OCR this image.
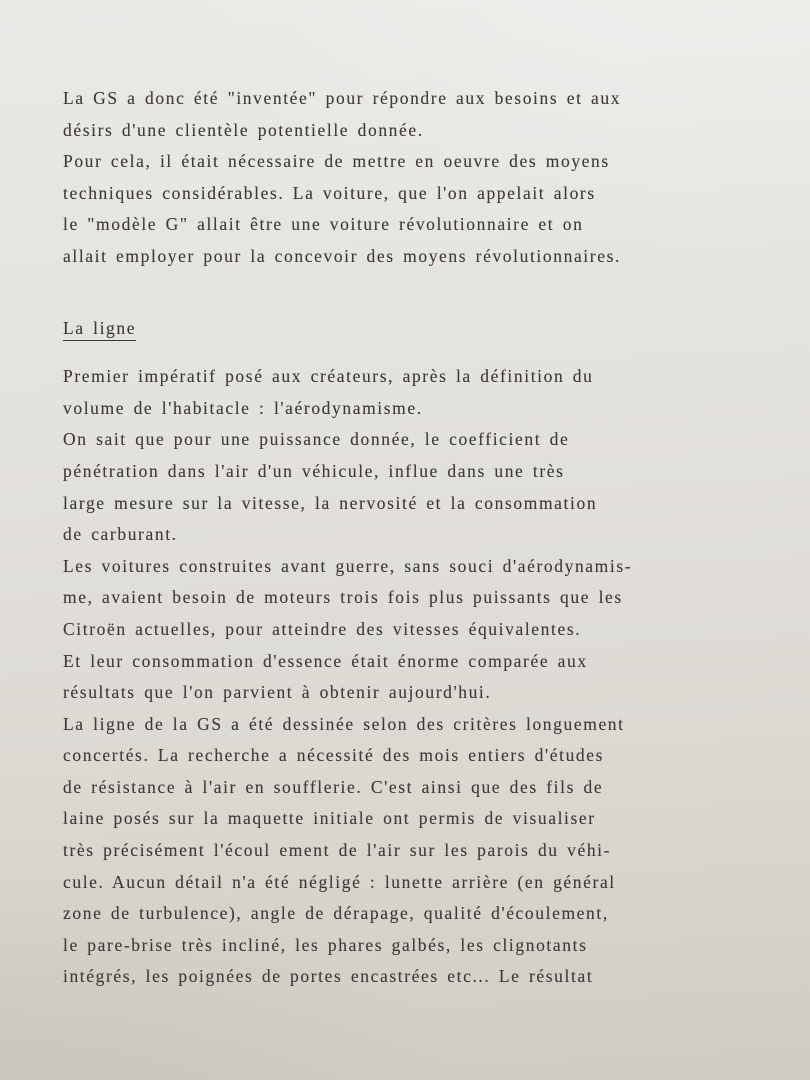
La GS a donc été "inventée" pour répondre aux besoins et aux
désirs d'une clientèle potentielle donnée.
Pour cela, il était nécessaire de mettre en oeuvre des moyens
techniques considérables. La voiture, que l'on appelait alors
le "modèle G" allait être une voiture révolutionnaire et on
allait employer pour la concevoir des moyens révolutionnaires.
La ligne
Premier impératif posé aux créateurs, après la définition du
volume de l'habitacle : l'aérodynamisme.
On sait que pour une puissance donnée, le coefficient de
pénétration dans l'air d'un véhicule, influe dans une très
large mesure sur la vitesse, la nervosité et la consommation
de carburant.
Les voitures construites avant guerre, sans souci d'aérodynamis-
me, avaient besoin de moteurs trois fois plus puissants que les
Citroën actuelles, pour atteindre des vitesses équivalentes.
Et leur consommation d'essence était énorme comparée aux
résultats que l'on parvient à obtenir aujourd'hui.
La ligne de la GS a été dessinée selon des critères longuement
concertés. La recherche a nécessité des mois entiers d'études
de résistance à l'air en soufflerie. C'est ainsi que des fils de
laine posés sur la maquette initiale ont permis de visualiser
très précisément l'écoul ement de l'air sur les parois du véhi-
cule. Aucun détail n'a été négligé : lunette arrière (en général
zone de turbulence), angle de dérapage, qualité d'écoulement,
le pare-brise très incliné, les phares galbés, les clignotants
intégrés, les poignées de portes encastrées etc... Le résultat
